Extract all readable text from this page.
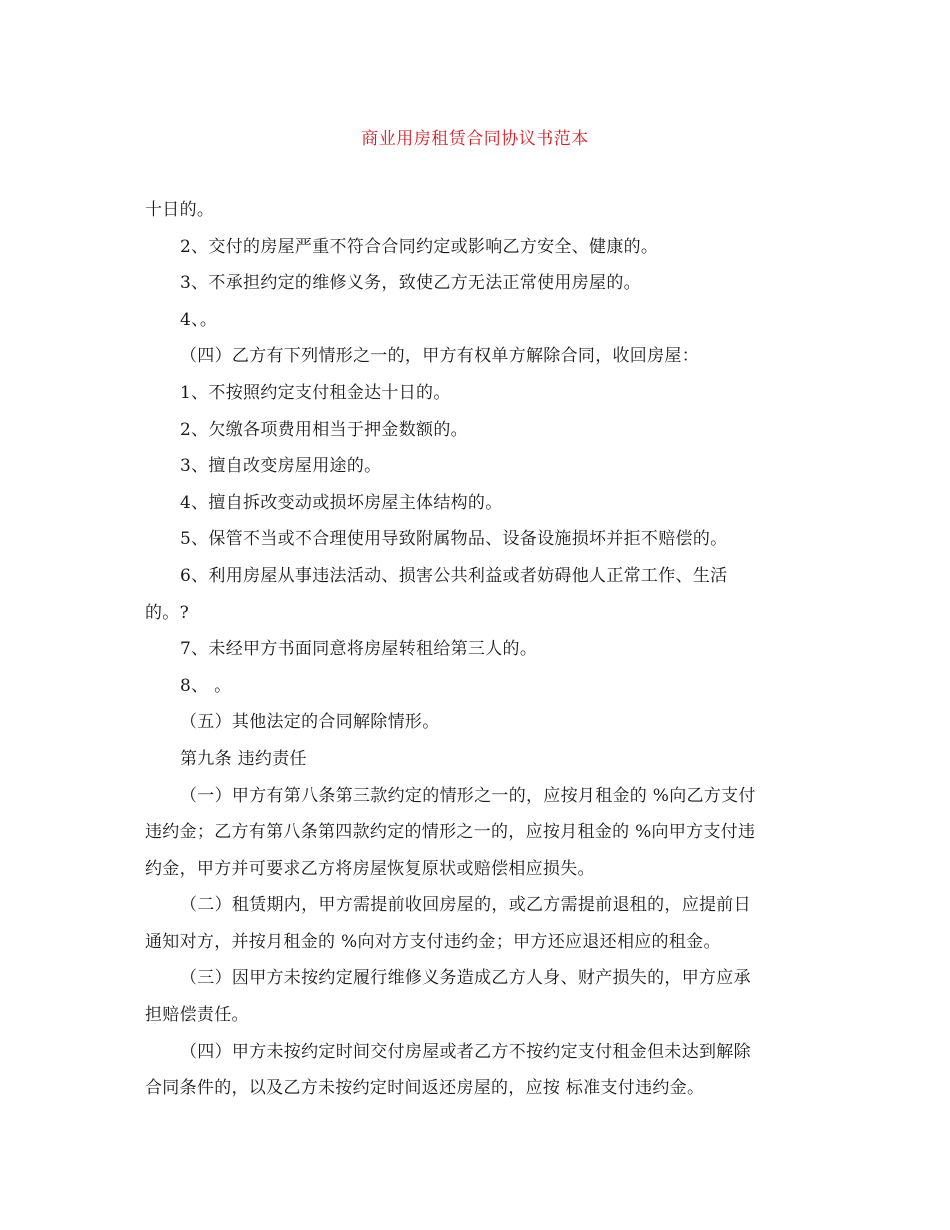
商业用房租赁合同协议书范本
十日的。
2、交付的房屋严重不符合合同约定或影响乙方安全、健康的。
3、不承担约定的维修义务，致使乙方无法正常使用房屋的。
4、。
（四）乙方有下列情形之一的，甲方有权单方解除合同，收回房屋：
1、不按照约定支付租金达十日的。
2、欠缴各项费用相当于押金数额的。
3、擅自改变房屋用途的。
4、擅自拆改变动或损坏房屋主体结构的。
5、保管不当或不合理使用导致附属物品、设备设施损坏并拒不赔偿的。
6、利用房屋从事违法活动、损害公共利益或者妨碍他人正常工作、生活
的。?
7、未经甲方书面同意将房屋转租给第三人的。
8、 。
（五）其他法定的合同解除情形。
第九条 违约责任
（一）甲方有第八条第三款约定的情形之一的，应按月租金的 %向乙方支付
违约金；乙方有第八条第四款约定的情形之一的，应按月租金的 %向甲方支付违
约金，甲方并可要求乙方将房屋恢复原状或赔偿相应损失。
（二）租赁期内，甲方需提前收回房屋的，或乙方需提前退租的，应提前日
通知对方，并按月租金的 %向对方支付违约金；甲方还应退还相应的租金。
（三）因甲方未按约定履行维修义务造成乙方人身、财产损失的，甲方应承
担赔偿责任。
（四）甲方未按约定时间交付房屋或者乙方不按约定支付租金但未达到解除
合同条件的，以及乙方未按约定时间返还房屋的，应按 标准支付违约金。
